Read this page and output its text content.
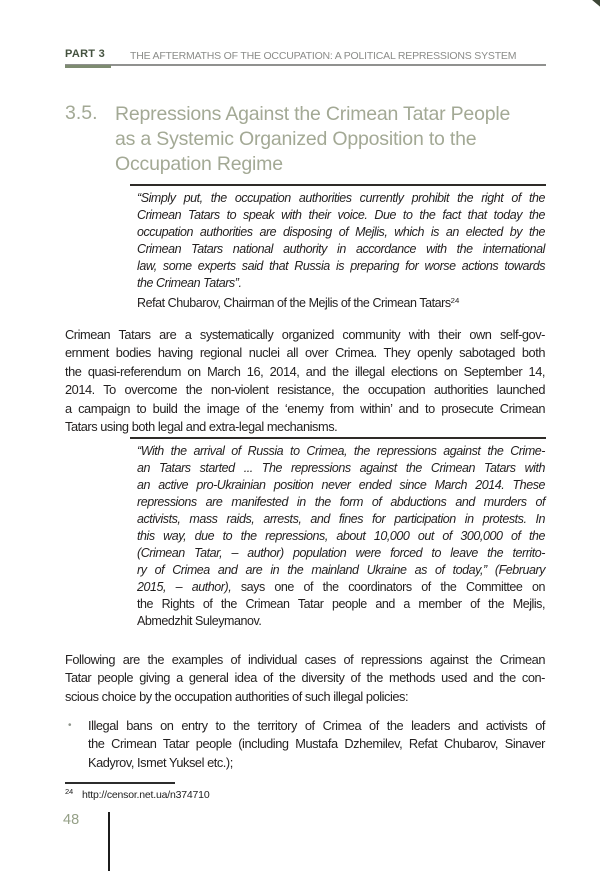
PART 3 THE AFTERMATHS OF THE OCCUPATION: A POLITICAL REPRESSIONS SYSTEM
3.5. Repressions Against the Crimean Tatar People
as a Systemic Organized Opposition to the
Occupation Regime
“Simply put, the occupation authorities currently prohibit the right of the
Crimean Tatars to speak with their voice. Due to the fact that today the
occupation authorities are disposing of Mejlis, which is an elected by the
Crimean Tatars national authority in accordance with the international
law, some experts said that Russia is preparing for worse actions towards
the Crimean Tatars”.
Refat Chubarov, Chairman of the Mejlis of the Crimean Tatars$^{24}$
Crimean Tatars are a systematically organized community with their own self-gov-
ernment bodies having regional nuclei all over Crimea. They openly sabotaged both
the quasi-referendum on March 16, 2014, and the illegal elections on September 14,
2014. To overcome the non-violent resistance, the occupation authorities launched
a campaign to build the image of the ‘enemy from within’ and to prosecute Crimean
Tatars using both legal and extra-legal mechanisms.
“With the arrival of Russia to Crimea, the repressions against the Crime-
an Tatars started ... The repressions against the Crimean Tatars with
an active pro-Ukrainian position never ended since March 2014. These
repressions are manifested in the form of abductions and murders of
activists, mass raids, arrests, and fines for participation in protests. In
this way, due to the repressions, about 10,000 out of 300,000 of the
(Crimean Tatar, – author) population were forced to leave the territo-
ry of Crimea and are in the mainland Ukraine as of today,” (February
2015, – author), says one of the coordinators of the Committee on
the Rights of the Crimean Tatar people and a member of the Mejlis,
Abmedzhit Suleymanov.
Following are the examples of individual cases of repressions against the Crimean
Tatar people giving a general idea of the diversity of the methods used and the con-
scious choice by the occupation authorities of such illegal policies:
• Illegal bans on entry to the territory of Crimea of the leaders and activists of
the Crimean Tatar people (including Mustafa Dzhemilev, Refat Chubarov, Sinaver
Kadyrov, Ismet Yuksel etc.);
$^{24}$ http://censor.net.ua/n374710
48
